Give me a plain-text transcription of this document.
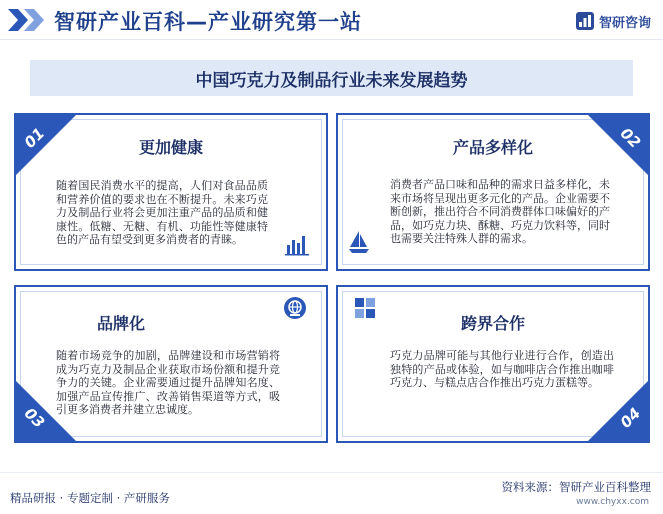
智研产业百科—产业研究第一站	智研咨询
中国巧克力及制品行业未来发展趋势
01	更加健康
随着国民消费水平的提高，人们对食品品质和营养价值的要求也在不断提升。未来巧克力及制品行业将会更加注重产品的品质和健康性。低糖、无糖、有机、功能性等健康特色的产品有望受到更多消费者的青睐。
02
产品多样化
消费者产品口味和品种的需求日益多样化，未来市场将呈现出更多元化的产品。企业需要不断创新，推出符合不同消费群体口味偏好的产品，如巧克力块、酥糖、巧克力饮料等，同时也需要关注特殊人群的需求。
03
品牌化
随着市场竞争的加剧，品牌建设和市场营销将成为巧克力及制品企业获取市场份额和提升竞争力的关键。企业需要通过提升品牌知名度、加强产品宣传推广、改善销售渠道等方式，吸引更多消费者并建立忠诚度。	04
跨界合作
巧克力品牌可能与其他行业进行合作，创造出独特的产品或体验，如与咖啡店合作推出咖啡巧克力、与糕点店合作推出巧克力蛋糕等。
精品研报 · 专题定制 · 产研服务
资料来源：智研产业百科整理
www.chyxx.com
